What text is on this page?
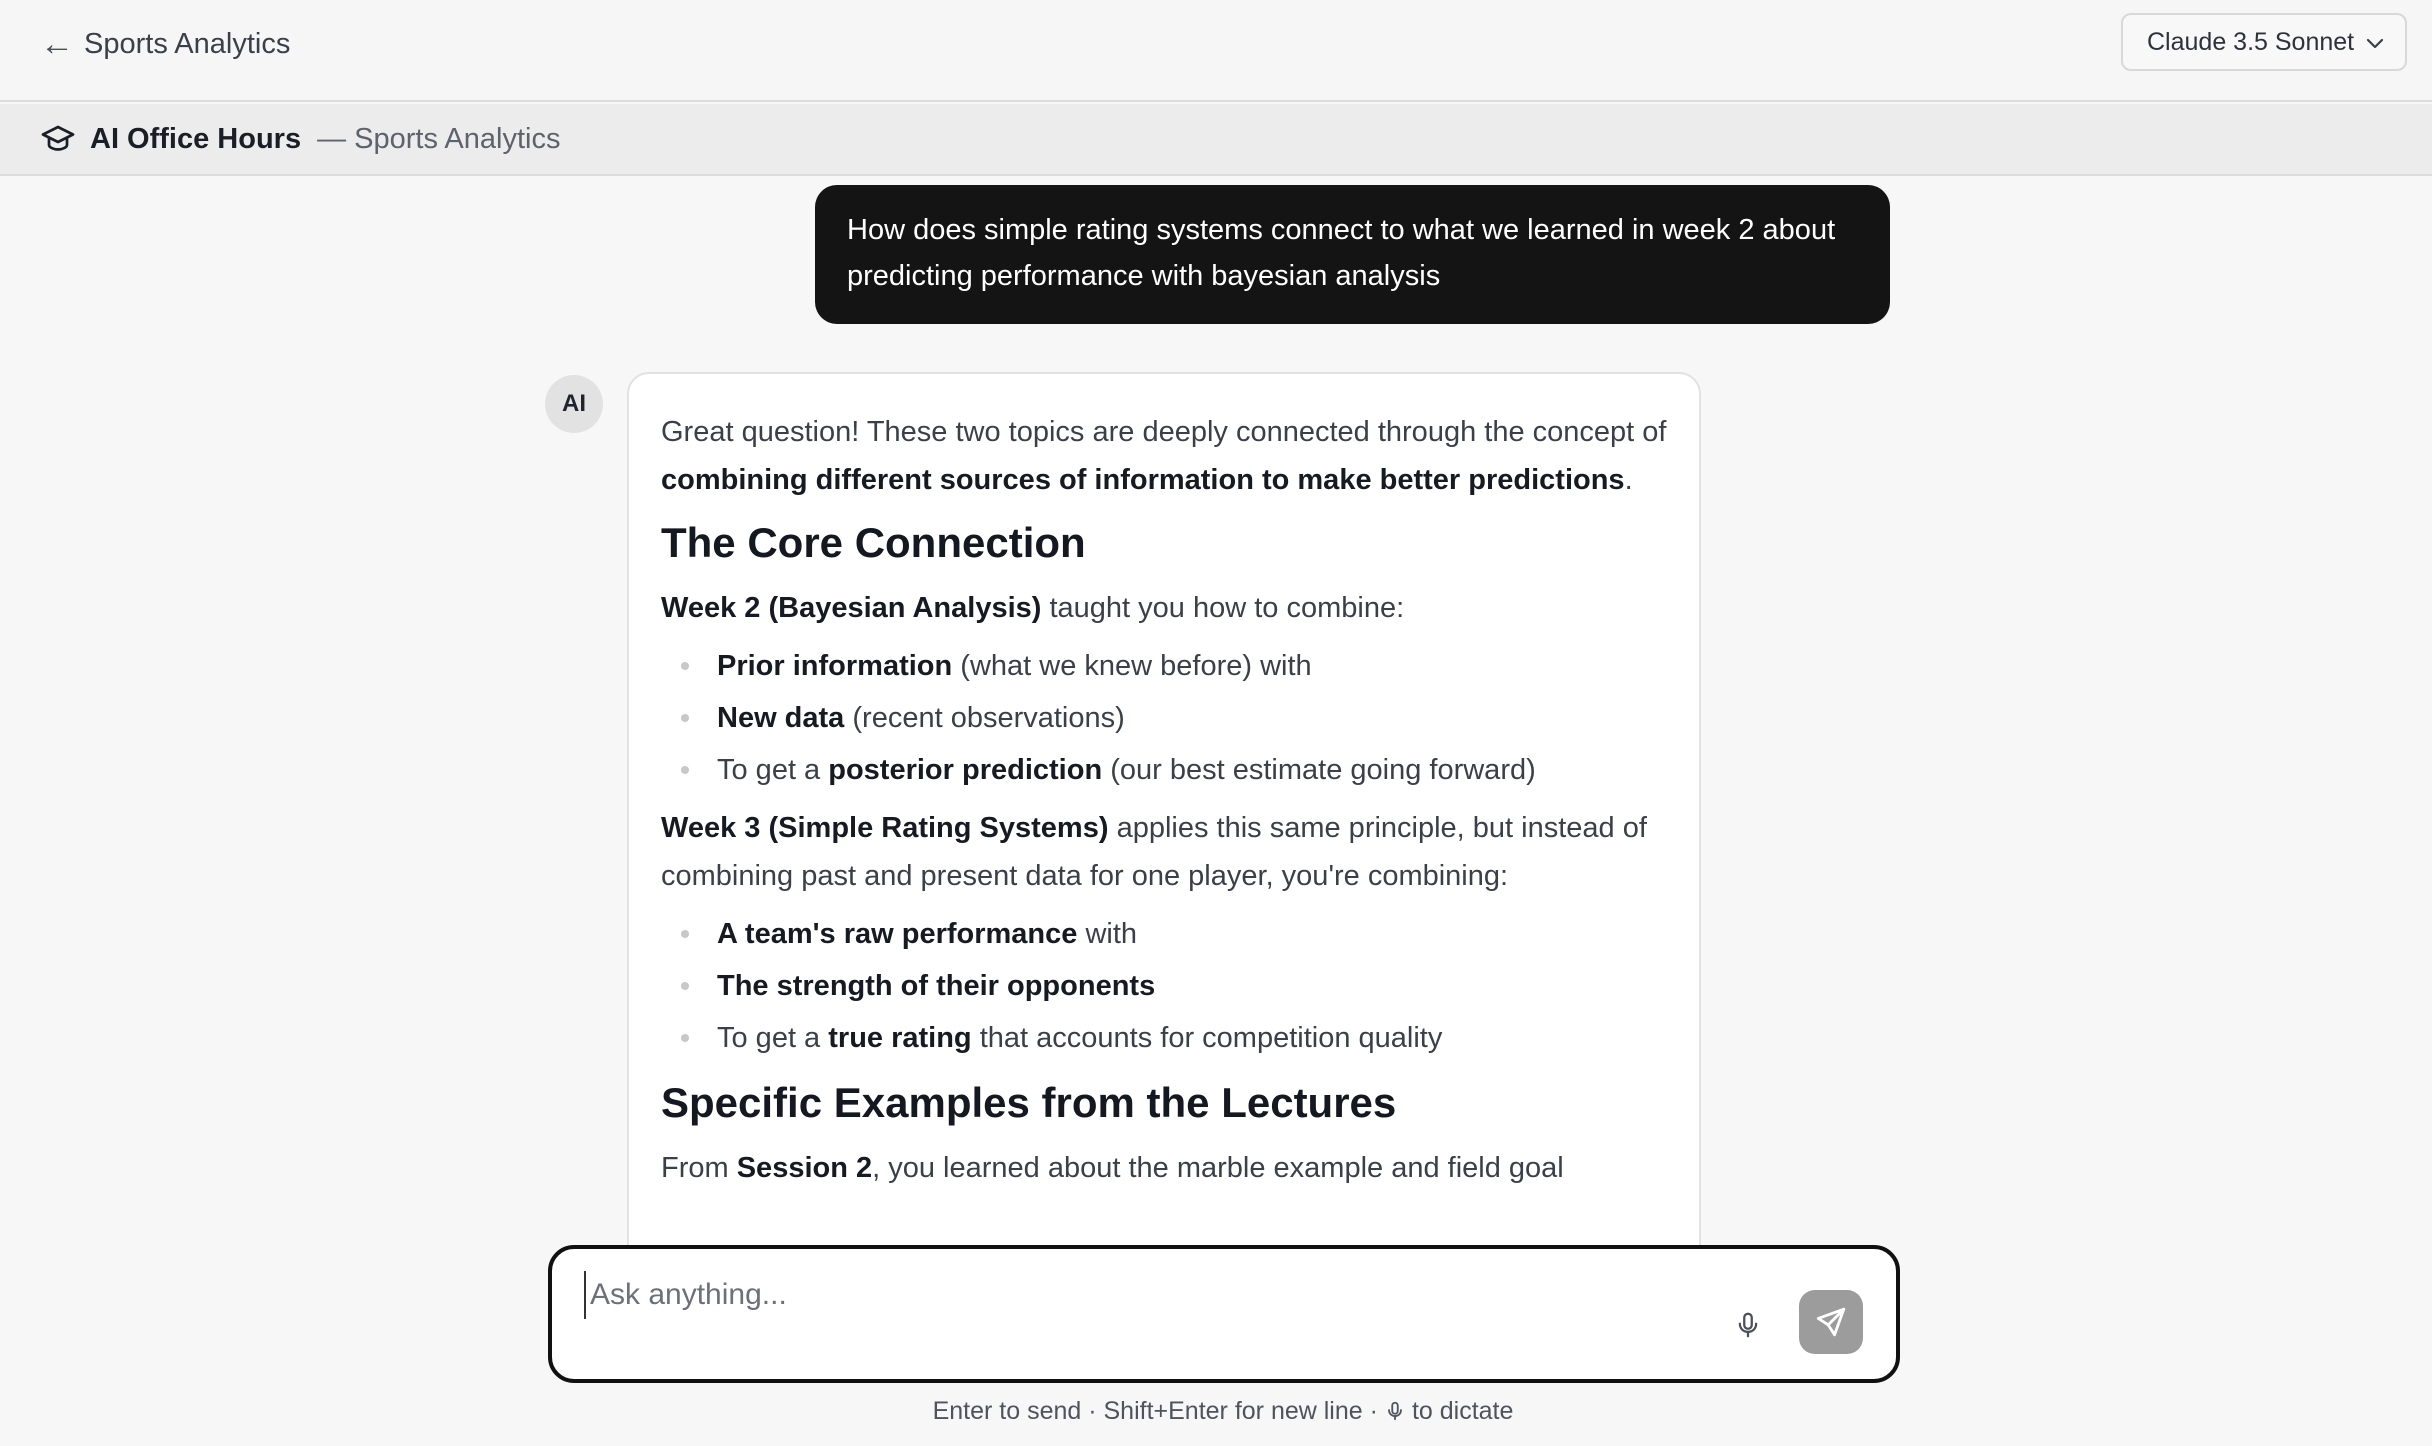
← Sports Analytics	Claude 3.5 Sonnet
AI Office Hours — Sports Analytics
How does simple rating systems connect to what we learned in week 2 about predicting performance with bayesian analysis
AI

Great question! These two topics are deeply connected through the concept of combining different sources of information to make better predictions.

The Core Connection

Week 2 (Bayesian Analysis) taught you how to combine:

Prior information (what we knew before) with
New data (recent observations)
To get a posterior prediction (our best estimate going forward)

Week 3 (Simple Rating Systems) applies this same principle, but instead of combining past and present data for one player, you're combining:

A team's raw performance with
The strength of their opponents
To get a true rating that accounts for competition quality
Specific Examples from the Lectures

From Session 2, you learned about the marble example and field goal

Ask anything...
Enter to send · Shift+Enter for new line · to dictate
